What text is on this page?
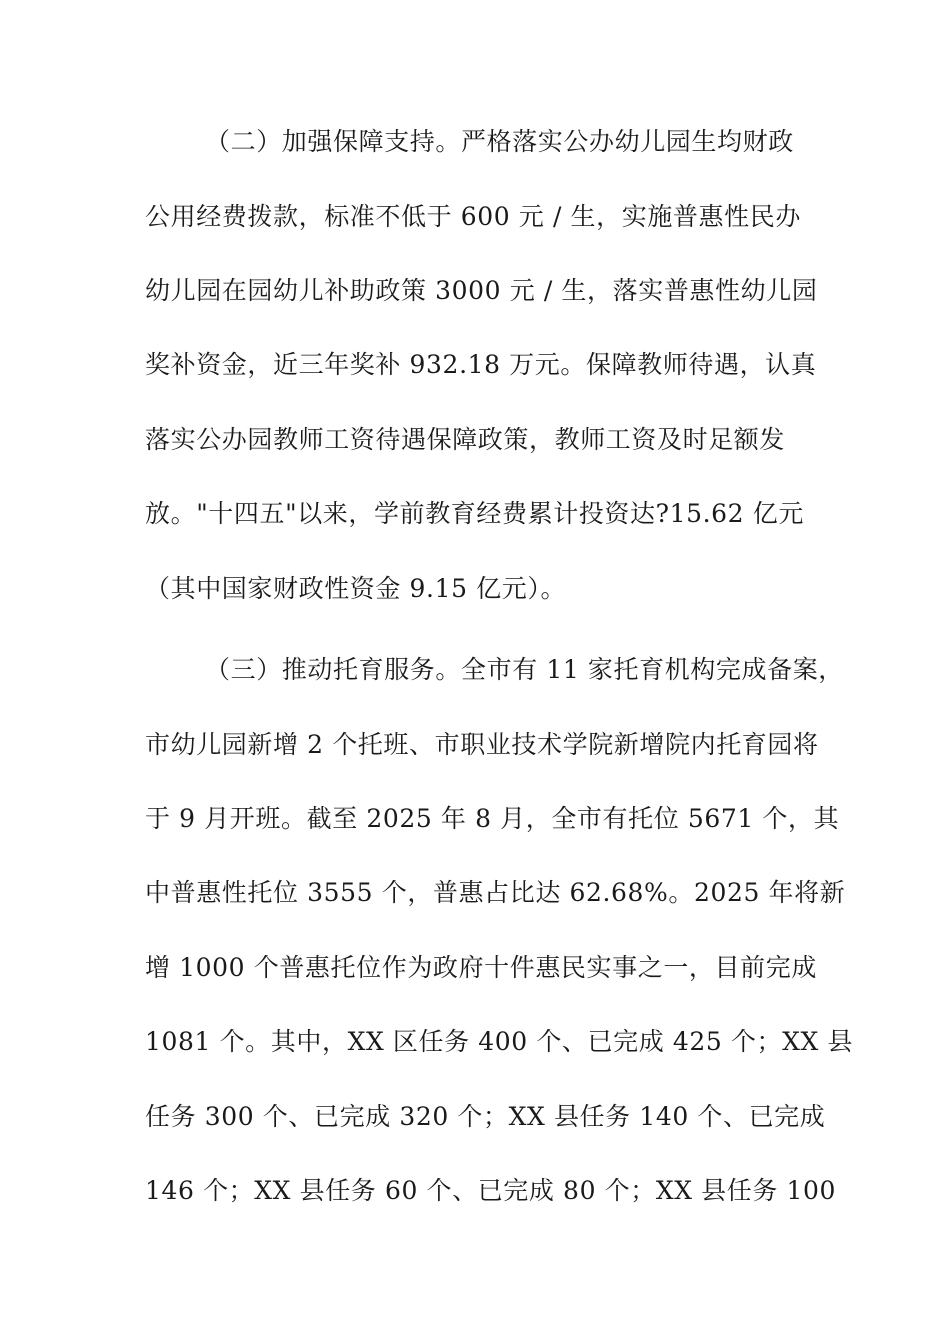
（二）加强保障支持。严格落实公办幼儿园生均财政
公用经费拨款，标准不低于 600 元 / 生，实施普惠性民办
幼儿园在园幼儿补助政策 3000 元 / 生，落实普惠性幼儿园
奖补资金，近三年奖补 932.18 万元。保障教师待遇，认真
落实公办园教师工资待遇保障政策，教师工资及时足额发
放。"十四五"以来，学前教育经费累计投资达?15.62 亿元
（其中国家财政性资金 9.15 亿元）。
（三）推动托育服务。全市有 11 家托育机构完成备案，
市幼儿园新增 2 个托班、市职业技术学院新增院内托育园将
于 9 月开班。截至 2025 年 8 月，全市有托位 5671 个，其
中普惠性托位 3555 个，普惠占比达 62.68%。2025 年将新
增 1000 个普惠托位作为政府十件惠民实事之一，目前完成
1081 个。其中，XX 区任务 400 个、已完成 425 个；XX 县
任务 300 个、已完成 320 个；XX 县任务 140 个、已完成
146 个；XX 县任务 60 个、已完成 80 个；XX 县任务 100
